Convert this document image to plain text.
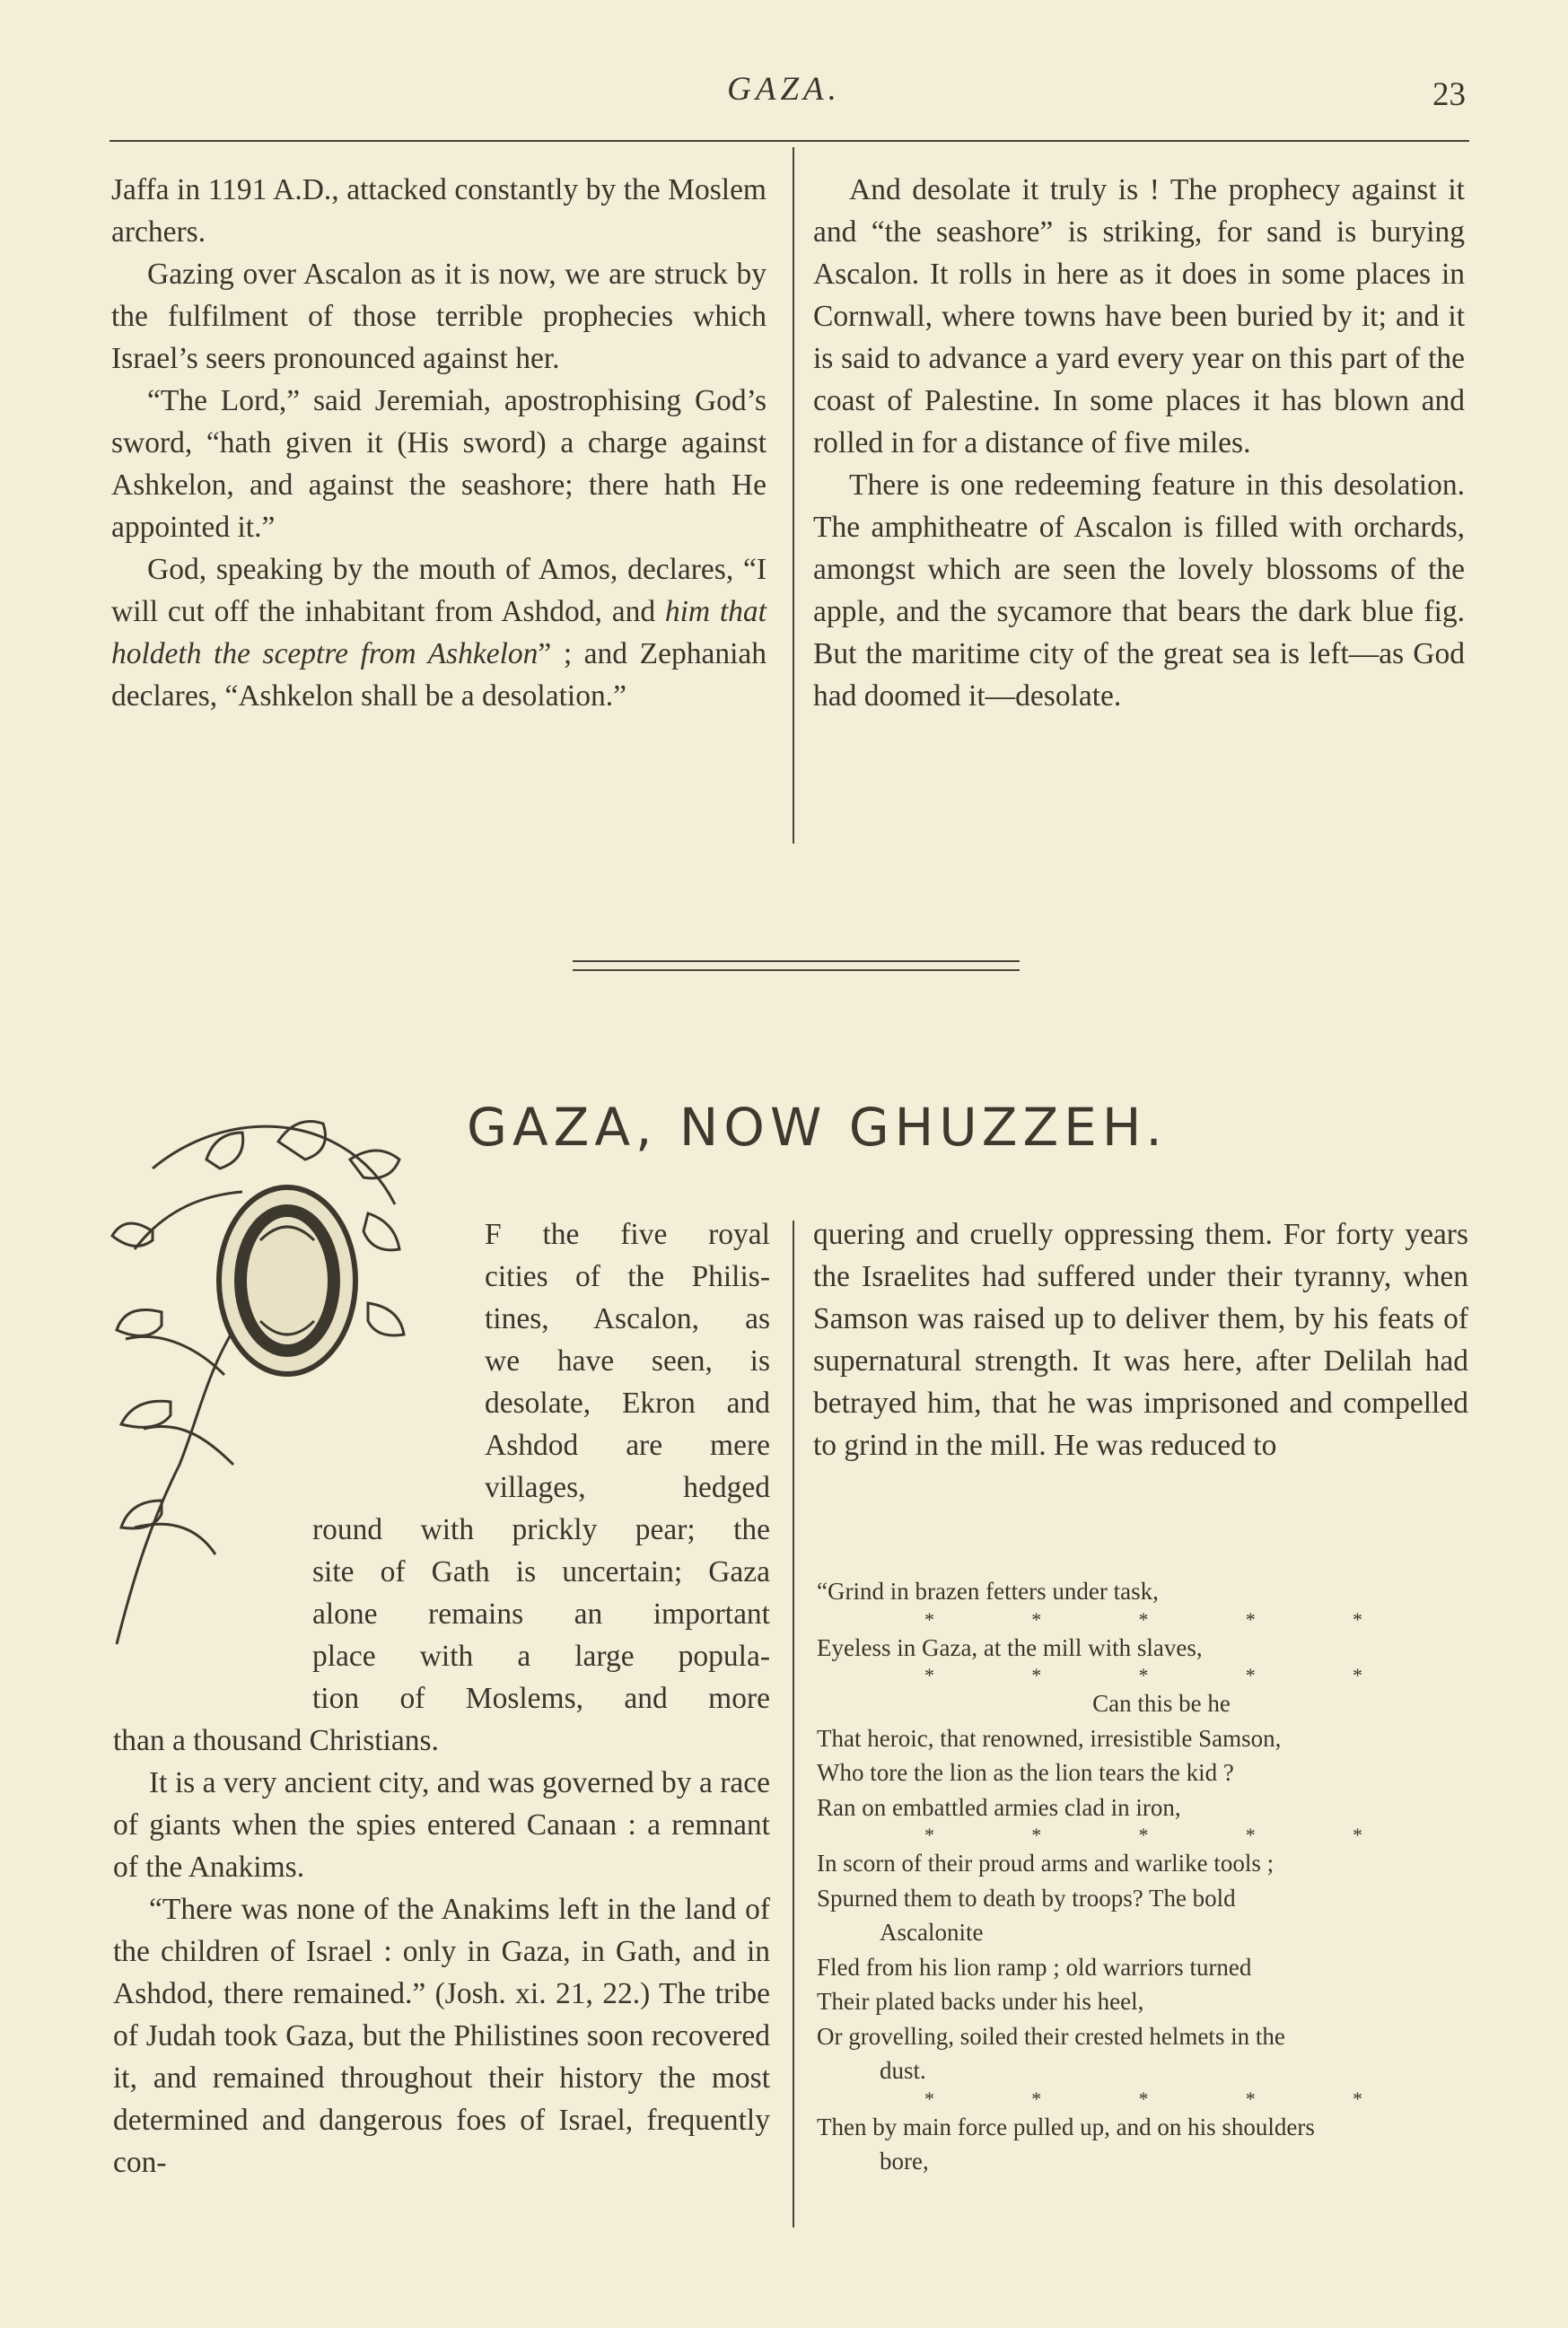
GAZA.	23

Jaffa in 1191 A.D., attacked constantly by the Moslem archers.

Gazing over Ascalon as it is now, we are struck by the fulfilment of those terrible prophecies which Israel’s seers pronounced against her.

“The Lord,” said Jeremiah, apostrophising God’s sword, “hath given it (His sword) a charge against Ashkelon, and against the seashore; there hath He appointed it.”

God, speaking by the mouth of Amos, declares, “I will cut off the inhabitant from Ashdod, and him that holdeth the sceptre from Ashkelon” ; and Zephaniah declares, “Ashkelon shall be a desolation.”

And desolate it truly is ! The prophecy against it and “the seashore” is striking, for sand is burying Ascalon. It rolls in here as it does in some places in Cornwall, where towns have been buried by it; and it is said to advance a yard every year on this part of the coast of Palestine. In some places it has blown and rolled in for a distance of five miles.

There is one redeeming feature in this desolation. The amphitheatre of Ascalon is filled with orchards, amongst which are seen the lovely blossoms of the apple, and the sycamore that bears the dark blue fig. But the maritime city of the great sea is left—as God had doomed it—desolate.

GAZA, NOW GHUZZEH.
F the five royal
cities of the Philis-
tines, Ascalon, as
we have seen, is
desolate, Ekron and
Ashdod are mere
villages, hedged
round with prickly pear; the
site of Gath is uncertain; Gaza
alone remains an important
place with a large popula-
tion of Moslems, and more
than a thousand Christians.

It is a very ancient city, and was governed by a race of giants when the spies entered Canaan : a remnant of the Anakims.

“There was none of the Anakims left in the land of the children of Israel : only in Gaza, in Gath, and in Ashdod, there remained.” (Josh. xi. 21, 22.) The tribe of Judah took Gaza, but the Philistines soon recovered it, and remained throughout their history the most determined and dangerous foes of Israel, frequently con-

quering and cruelly oppressing them. For forty years the Israelites had suffered under their tyranny, when Samson was raised up to deliver them, by his feats of supernatural strength. It was here, after Delilah had betrayed him, that he was imprisoned and compelled to grind in the mill. He was reduced to

“Grind in brazen fetters under task,
*	*	*	*	*
Eyeless in Gaza, at the mill with slaves,
*	*	*	*	*
Can this be he
That heroic, that renowned, irresistible Samson,
Who tore the lion as the lion tears the kid ?
Ran on embattled armies clad in iron,
*	*	*	*	*
In scorn of their proud arms and warlike tools ;
Spurned them to death by troops? The bold
Ascalonite
Fled from his lion ramp ; old warriors turned
Their plated backs under his heel,
Or grovelling, soiled their crested helmets in the
dust.
*	*	*	*	*
Then by main force pulled up, and on his shoulders
bore,
